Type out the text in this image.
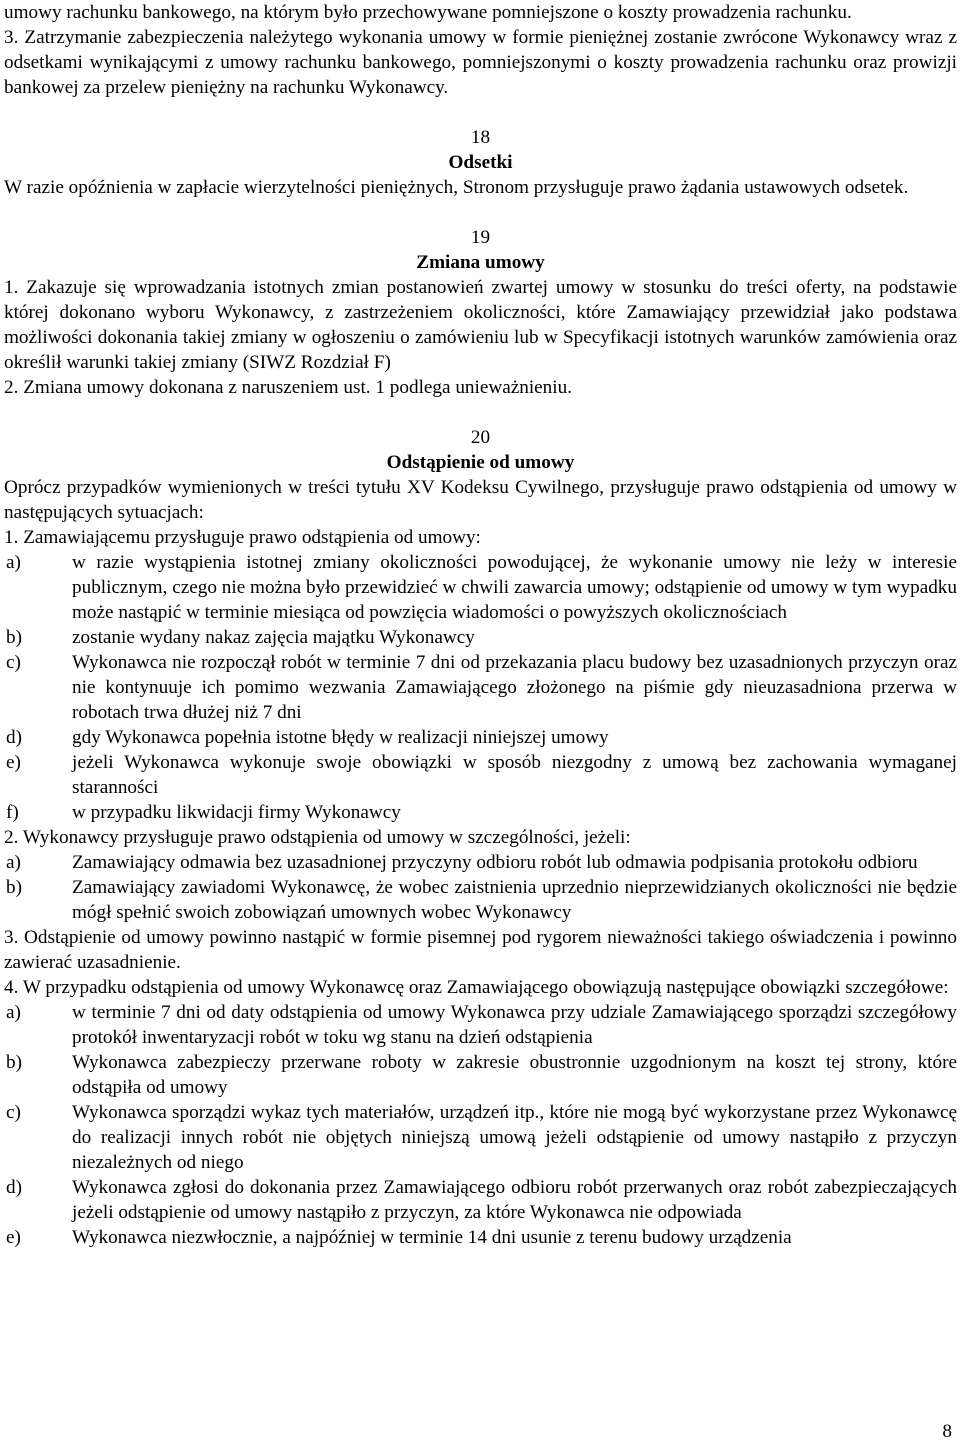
umowy rachunku bankowego, na którym było przechowywane pomniejszone o koszty prowadzenia rachunku.

3. Zatrzymanie zabezpieczenia należytego wykonania umowy w formie pieniężnej zostanie zwrócone Wykonawcy wraz z odsetkami wynikającymi z umowy rachunku bankowego, pomniejszonymi o koszty prowadzenia rachunku oraz prowizji bankowej za przelew pieniężny na rachunku Wykonawcy.

18
Odsetki

W razie opóźnienia w zapłacie wierzytelności pieniężnych, Stronom przysługuje prawo żądania ustawowych odsetek.

19
Zmiana umowy

1. Zakazuje się wprowadzania istotnych zmian postanowień zwartej umowy w stosunku do treści oferty, na podstawie której dokonano wyboru Wykonawcy, z zastrzeżeniem okoliczności, które Zamawiający przewidział jako podstawa możliwości dokonania takiej zmiany w ogłoszeniu o zamówieniu lub w Specyfikacji istotnych warunków zamówienia oraz określił warunki takiej zmiany (SIWZ Rozdział F)

2. Zmiana umowy dokonana z naruszeniem ust. 1 podlega unieważnieniu.

20
Odstąpienie od umowy

Oprócz przypadków wymienionych w treści tytułu XV Kodeksu Cywilnego, przysługuje prawo odstąpienia od umowy w następujących sytuacjach:

1. Zamawiającemu przysługuje prawo odstąpienia od umowy:

a)	w razie wystąpienia istotnej zmiany okoliczności powodującej, że wykonanie umowy nie leży w interesie publicznym, czego nie można było przewidzieć w chwili zawarcia umowy; odstąpienie od umowy w tym wypadku może nastąpić w terminie miesiąca od powzięcia wiadomości o powyższych okolicznościach
b)	zostanie wydany nakaz zajęcia majątku Wykonawcy
c)	Wykonawca nie rozpoczął robót w terminie 7 dni od przekazania placu budowy bez uzasadnionych przyczyn oraz nie kontynuuje ich pomimo wezwania Zamawiającego złożonego na piśmie gdy nieuzasadniona przerwa w robotach trwa dłużej niż 7 dni
d)	gdy Wykonawca popełnia istotne błędy w realizacji niniejszej umowy
e)	jeżeli Wykonawca wykonuje swoje obowiązki w sposób niezgodny z umową bez zachowania wymaganej staranności
f)	w przypadku likwidacji firmy Wykonawcy

2. Wykonawcy przysługuje prawo odstąpienia od umowy w szczególności, jeżeli:

a)	Zamawiający odmawia bez uzasadnionej przyczyny odbioru robót lub odmawia podpisania protokołu odbioru
b)	Zamawiający zawiadomi Wykonawcę, że wobec zaistnienia uprzednio nieprzewidzianych okoliczności nie będzie mógł spełnić swoich zobowiązań umownych wobec Wykonawcy

3. Odstąpienie od umowy powinno nastąpić w formie pisemnej pod rygorem nieważności takiego oświadczenia i powinno zawierać uzasadnienie.

4. W przypadku odstąpienia od umowy Wykonawcę oraz Zamawiającego obowiązują następujące obowiązki szczegółowe:

a)	w terminie 7 dni od daty odstąpienia od umowy Wykonawca przy udziale Zamawiającego sporządzi szczegółowy protokół inwentaryzacji robót w toku wg stanu na dzień odstąpienia
b)	Wykonawca zabezpieczy przerwane roboty w zakresie obustronnie uzgodnionym na koszt tej strony, które odstąpiła od umowy
c)	Wykonawca sporządzi wykaz tych materiałów, urządzeń itp., które nie mogą być wykorzystane przez Wykonawcę do realizacji innych robót nie objętych niniejszą umową jeżeli odstąpienie od umowy nastąpiło z przyczyn niezależnych od niego
d)	Wykonawca zgłosi do dokonania przez Zamawiającego odbioru robót przerwanych oraz robót zabezpieczających jeżeli odstąpienie od umowy nastąpiło z przyczyn, za które Wykonawca nie odpowiada
e)	Wykonawca niezwłocznie, a najpóźniej w terminie 14 dni usunie z terenu budowy urządzenia
8
